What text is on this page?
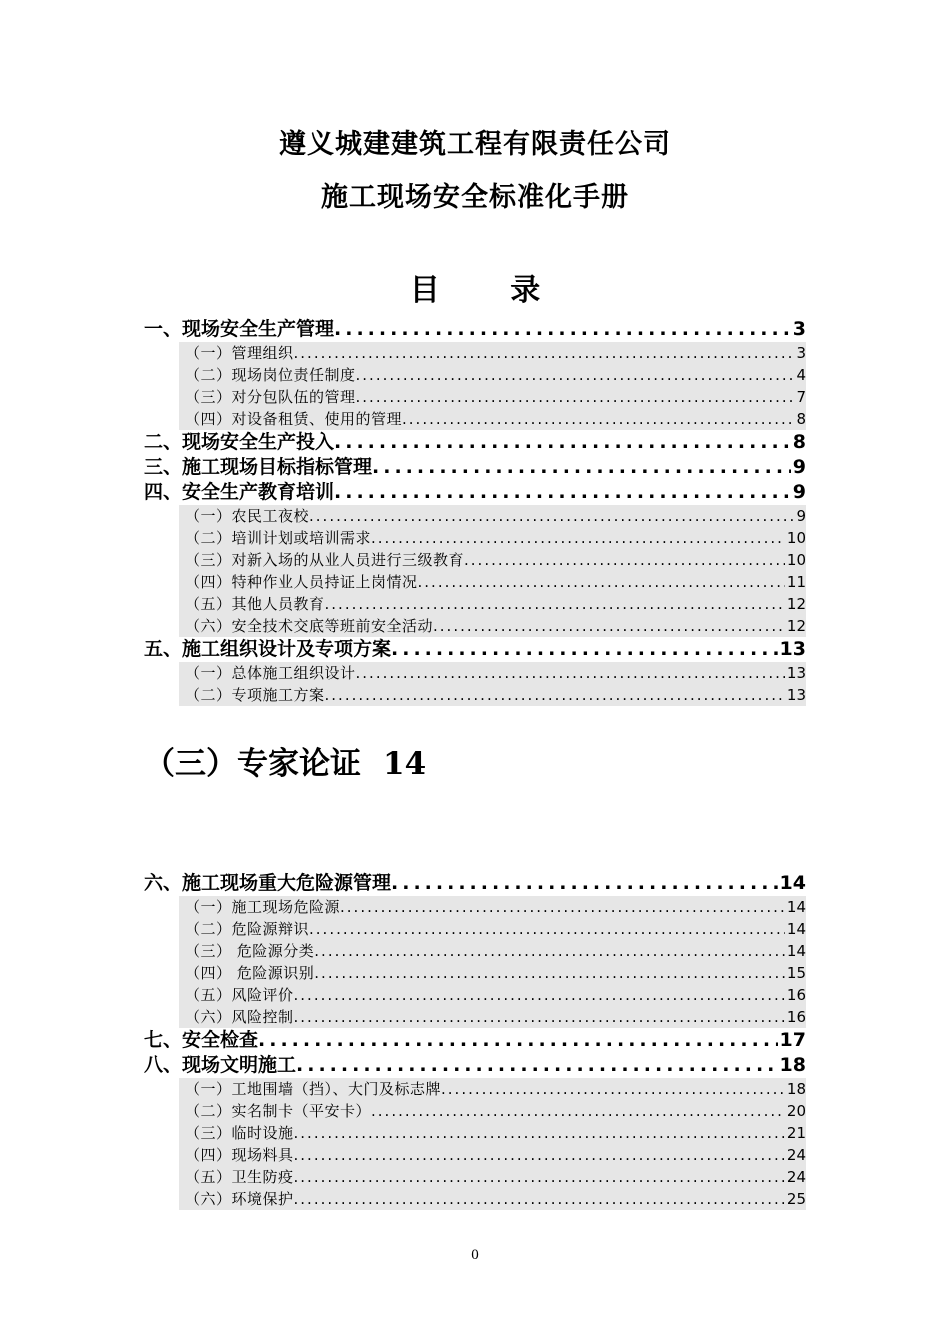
遵义城建建筑工程有限责任公司
施工现场安全标准化手册
目 录
一、现场安全生产管理 .....	3
（一）管理组织 .....	3
（二）现场岗位责任制度 .....	4
（三）对分包队伍的管理 .....	7
（四）对设备租赁、使用的管理 .....	8
二、现场安全生产投入 .....	8
三、施工现场目标指标管理 .....	9
四、安全生产教育培训 .....	9
（一）农民工夜校 .....	9
（二）培训计划或培训需求 .....	10
（三）对新入场的从业人员进行三级教育 .....	10
（四）特种作业人员持证上岗情况 .....	11
（五）其他人员教育 .....	12
（六）安全技术交底等班前安全活动 .....	12
五、施工组织设计及专项方案 .....	13
（一）总体施工组织设计 .....	13
（二）专项施工方案 .....	13
（三）专家论证 14
六、施工现场重大危险源管理 .....	14
（一）施工现场危险源 .....	14
（二）危险源辩识 .....	14
（三） 危险源分类 .....	14
（四） 危险源识别 .....	15
（五）风险评价 .....	16
（六）风险控制 .....	16
七、安全检查 .....	17
八、现场文明施工 .....	18
（一）工地围墙（挡）、大门及标志牌 .....	18
（二）实名制卡（平安卡） .....	20
（三）临时设施 .....	21
（四）现场料具 .....	24
（五）卫生防疫 .....	24
（六）环境保护 .....	25
0
